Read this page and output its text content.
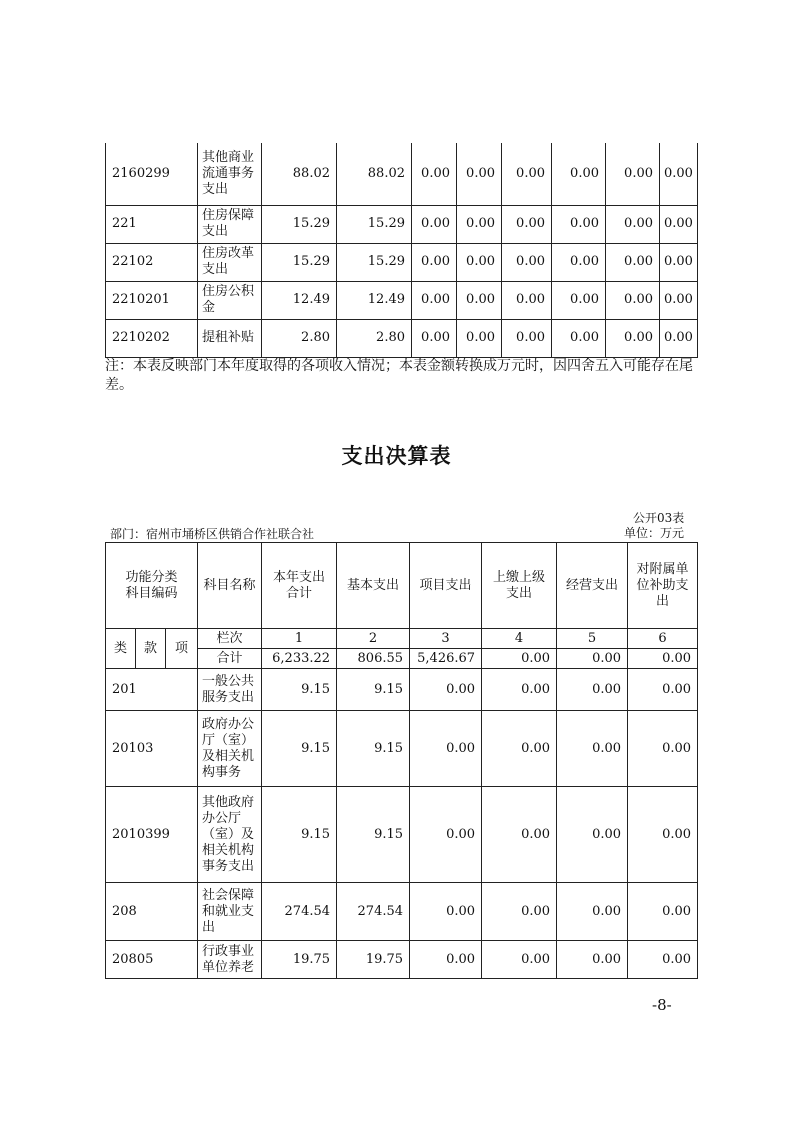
2160299	其他商业流通事务支出	88.02	88.02	0.00	0.00	0.00	0.00	0.00	0.00
221	住房保障支出	15.29	15.29	0.00	0.00	0.00	0.00	0.00	0.00
22102	住房改革支出	15.29	15.29	0.00	0.00	0.00	0.00	0.00	0.00
2210201	住房公积金	12.49	12.49	0.00	0.00	0.00	0.00	0.00	0.00
2210202	提租补贴	2.80	2.80	0.00	0.00	0.00	0.00	0.00	0.00
注：本表反映部门本年度取得的各项收入情况；本表金额转换成万元时，因四舍五入可能存在尾差。
支出决算表
公开03表
单位：万元
部门：宿州市埇桥区供销合作社联合社
功能分类科目编码			科目名称	本年支出合计	基本支出	项目支出	上缴上级支出	经营支出	对附属单位补助支出
类	款	项	栏次	1	2	3	4	5	6
			合计	6,233.22	806.55	5,426.67	0.00	0.00	0.00
201			一般公共服务支出	9.15	9.15	0.00	0.00	0.00	0.00
20103			政府办公厅（室）及相关机构事务	9.15	9.15	0.00	0.00	0.00	0.00
2010399			其他政府办公厅（室）及相关机构事务支出	9.15	9.15	0.00	0.00	0.00	0.00
208			社会保障和就业支出	274.54	274.54	0.00	0.00	0.00	0.00
20805			行政事业单位养老	19.75	19.75	0.00	0.00	0.00	0.00
-8-
